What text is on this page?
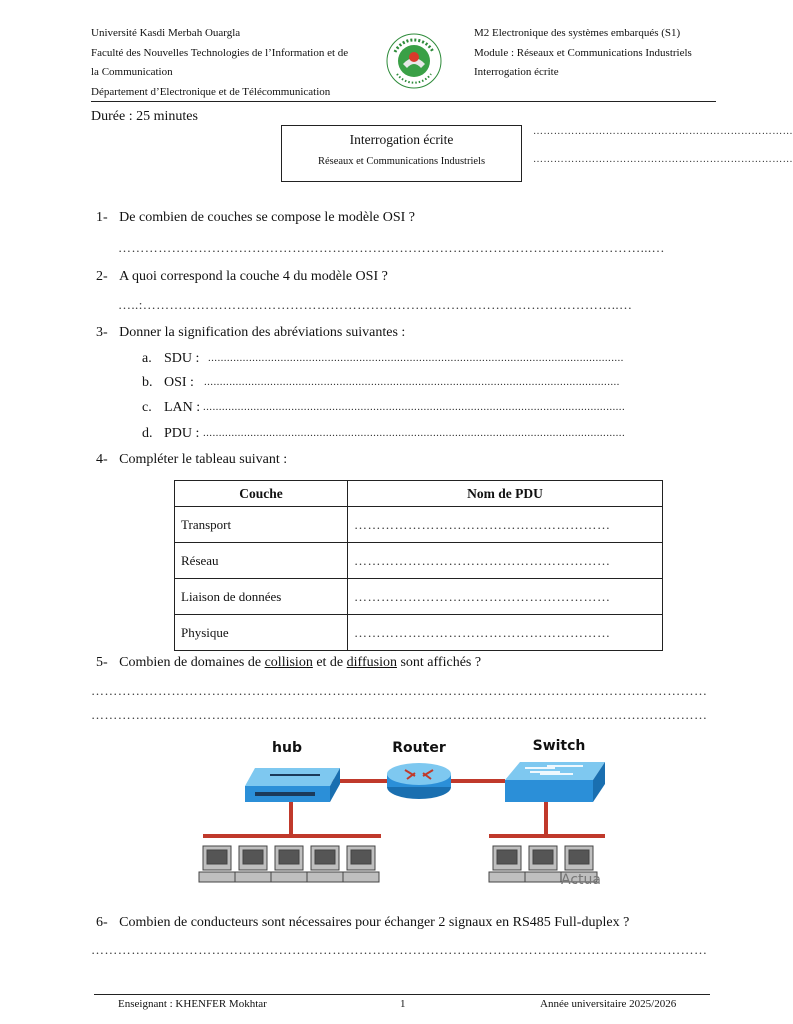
Université Kasdi Merbah Ouargla
Faculté des Nouvelles Technologies de l’Information et de
la Communication
Département d’Electronique et de Télécommunication
M2 Electronique des systèmes embarqués (S1)
Module : Réseaux et Communications Industriels
Interrogation écrite
Durée : 25 minutes
Interrogation écrite
Réseaux et Communications Industriels
…………………………………………………………………
…………………………………………………………………
1- De combien de couches se compose le modèle OSI ?
………………………………………………………………………………………………………...…
2- A quoi correspond la couche 4 du modèle OSI ?
…..:……………………………………………………………………………………………..…
3- Donner la signification des abréviations suivantes :
a. SDU : ....................................................................................................................................
b. OSI : ....................................................................................................................................
c. LAN : ......................................................................................................................................
d. PDU : ......................................................................................................................................
4- Compléter le tableau suivant :
Couche	Nom de PDU
Transport	…………………………………………………
Réseau	…………………………………………………
Liaison de données	…………………………………………………
Physique	…………………………………………………
5- Combien de domaines de collision et de diffusion sont affichés ?
…………………………………………………………………………………………………………………………
…………………………………………………………………………………………………………………………
hub	Router	Switch
Actua
6- Combien de conducteurs sont nécessaires pour échanger 2 signaux en RS485 Full-duplex ?
…………………………………………………………………………………………………………………………
Enseignant : KHENFER Mokhtar	1	Année universitaire 2025/2026
